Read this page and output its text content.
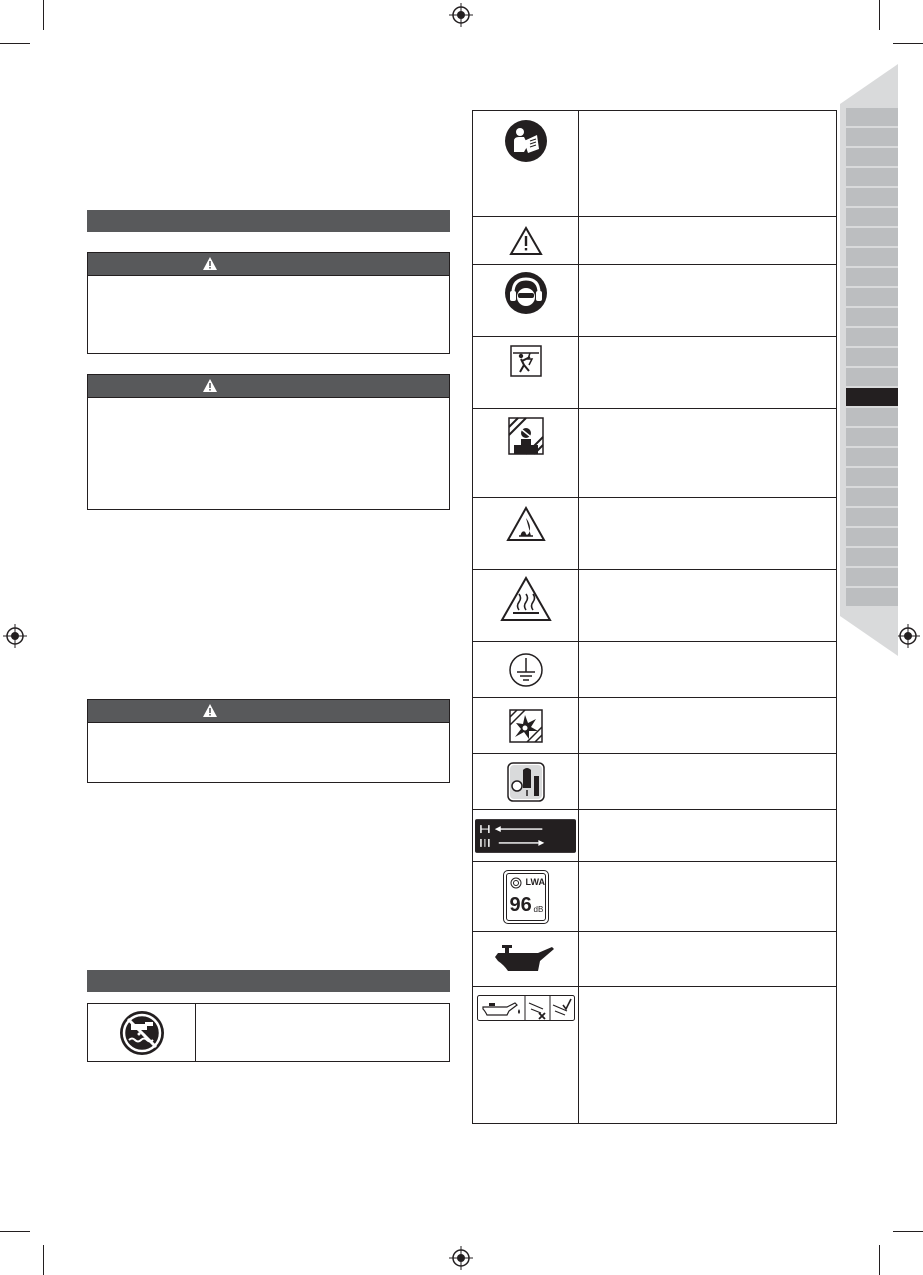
LWA
96 dB
